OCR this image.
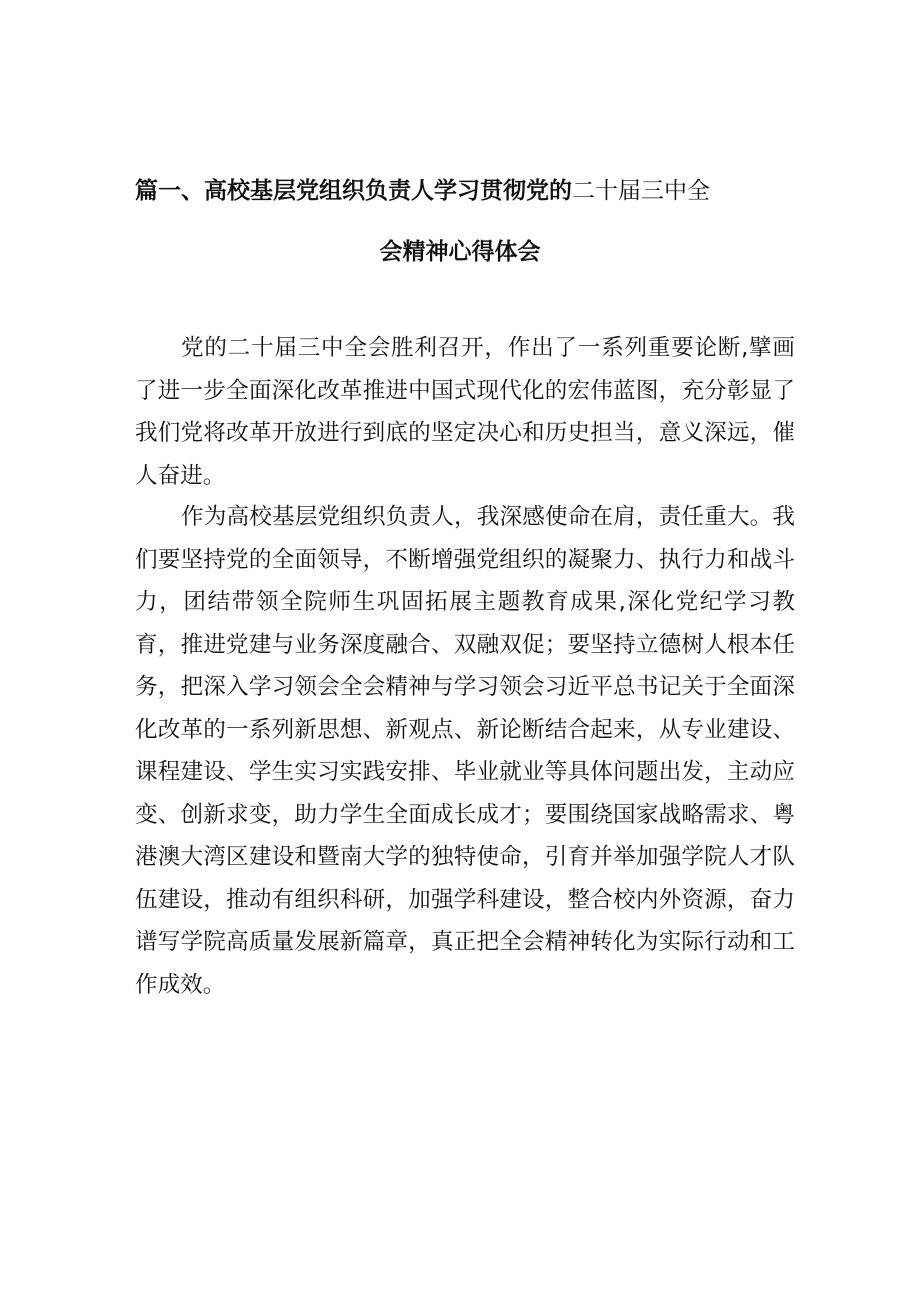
篇一、高校基层党组织负责人学习贯彻党的二十届三中全
会精神心得体会

党的二十届三中全会胜利召开，作出了一系列重要论断,擘画了进一步全面深化改革推进中国式现代化的宏伟蓝图，充分彰显了我们党将改革开放进行到底的坚定决心和历史担当，意义深远，催人奋进。

作为高校基层党组织负责人，我深感使命在肩，责任重大。我们要坚持党的全面领导，不断增强党组织的凝聚力、执行力和战斗力，团结带领全院师生巩固拓展主题教育成果,深化党纪学习教育，推进党建与业务深度融合、双融双促；要坚持立德树人根本任务，把深入学习领会全会精神与学习领会习近平总书记关于全面深化改革的一系列新思想、新观点、新论断结合起来，从专业建设、课程建设、学生实习实践安排、毕业就业等具体问题出发，主动应变、创新求变，助力学生全面成长成才；要围绕国家战略需求、粤港澳大湾区建设和暨南大学的独特使命，引育并举加强学院人才队伍建设，推动有组织科研，加强学科建设，整合校内外资源，奋力谱写学院高质量发展新篇章，真正把全会精神转化为实际行动和工作成效。
